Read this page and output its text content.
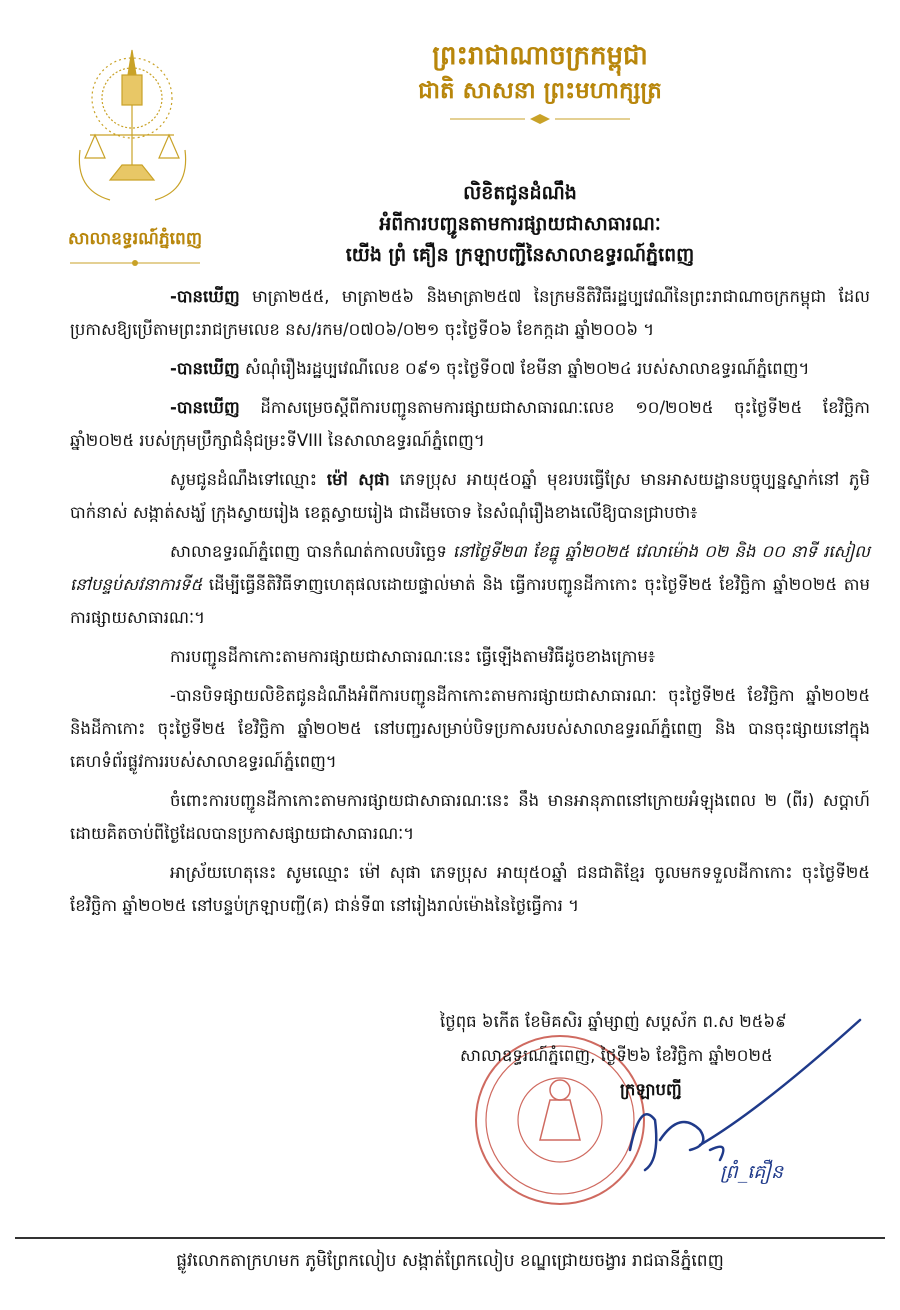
សាលាឧទ្ធរណ៍ភ្នំពេញ
ព្រះរាជាណាចក្រកម្ពុជា
ជាតិ សាសនា ព្រះមហាក្សត្រ
លិខិតជូនដំណឹង
អំពីការបញ្ជូនតាមការផ្សាយជាសាធារណៈ
យើង ព្រំ គឿន ក្រឡាបញ្ជីនៃសាលាឧទ្ធរណ៍ភ្នំពេញ

-បានឃើញ មាត្រា២៥៥, មាត្រា២៥៦ និងមាត្រា២៥៧ នៃក្រមនីតិវិធីរដ្ឋប្បវេណីនៃព្រះរាជាណាចក្រកម្ពុជា ដែលប្រកាសឱ្យប្រើតាមព្រះរាជក្រមលេខ នស/រកម/០៧០៦/០២១ ចុះថ្ងៃទី០៦ ខែកក្កដា ឆ្នាំ២០០៦ ។

-បានឃើញ សំណុំរឿងរដ្ឋប្បវេណីលេខ ០៩១ ចុះថ្ងៃទី០៧ ខែមីនា ឆ្នាំ២០២៤ របស់សាលាឧទ្ធរណ៍ភ្នំពេញ។

-បានឃើញ ដីកាសម្រេចស្តីពីការបញ្ជូនតាមការផ្សាយជាសាធារណៈលេខ ១០/២០២៥ ចុះថ្ងៃទី២៥ ខែវិច្ឆិកា ឆ្នាំ២០២៥ របស់ក្រុមប្រឹក្សាជំនុំជម្រះទីVIII នៃសាលាឧទ្ធរណ៍ភ្នំពេញ។

សូមជូនដំណឹងទៅឈ្មោះ ម៉ៅ សុផា ភេទប្រុស អាយុ៥០ឆ្នាំ មុខរបរធ្វើស្រែ មានអាសយដ្ឋានបច្ចុប្បន្នស្នាក់នៅ ភូមិបាក់នាស់ សង្កាត់សង្ឃ័ ក្រុងស្វាយរៀង ខេត្តស្វាយរៀង ជាដើមចោទ នៃសំណុំរឿងខាងលើឱ្យបានជ្រាបថា៖

សាលាឧទ្ធរណ៍ភ្នំពេញ បានកំណត់កាលបរិច្ឆេទ នៅថ្ងៃទី២៣ ខែធ្នូ ឆ្នាំ២០២៥ វេលាម៉ោង ០២ និង ០០ នាទី រសៀល នៅបន្ទប់សវនាការទី៥ ដើម្បីធ្វើនីតិវិធីទាញហេតុផលដោយផ្ទាល់មាត់ និង ធ្វើការបញ្ជូនដីកាកោះ ចុះថ្ងៃទី២៥ ខែវិច្ឆិកា ឆ្នាំ២០២៥ តាមការផ្សាយសាធារណៈ។

ការបញ្ជូនដីកាកោះតាមការផ្សាយជាសាធារណៈនេះ ធ្វើឡើងតាមវិធីដូចខាងក្រោម៖

-បានបិទផ្សាយលិខិតជូនដំណឹងអំពីការបញ្ជូនដីកាកោះតាមការផ្សាយជាសាធារណៈ ចុះថ្ងៃទី២៥ ខែវិច្ឆិកា ឆ្នាំ២០២៥ និងដីកាកោះ ចុះថ្ងៃទី២៥ ខែវិច្ឆិកា ឆ្នាំ២០២៥ នៅបញ្ជរសម្រាប់បិទប្រកាសរបស់សាលាឧទ្ធរណ៍ភ្នំពេញ និង បានចុះផ្សាយនៅក្នុងគេហទំព័រផ្លូវការរបស់សាលាឧទ្ធរណ៍ភ្នំពេញ។

ចំពោះការបញ្ជូនដីកាកោះតាមការផ្សាយជាសាធារណៈនេះ នឹង មានអានុភាពនៅក្រោយអំឡុងពេល ២ (ពីរ) សប្តាហ៍ ដោយគិតចាប់ពីថ្ងៃដែលបានប្រកាសផ្សាយជាសាធារណៈ។

អាស្រ័យហេតុនេះ សូមឈ្មោះ ម៉ៅ សុផា ភេទប្រុស អាយុ៥០ឆ្នាំ ជនជាតិខ្មែរ ចូលមកទទួលដីកាកោះ ចុះថ្ងៃទី២៥ ខែវិច្ឆិកា ឆ្នាំ២០២៥ នៅបន្ទប់ក្រឡាបញ្ជី(គ) ជាន់ទី៣ នៅរៀងរាល់ម៉ោងនៃថ្ងៃធ្វើការ ។

ថ្ងៃពុធ ៦កើត ខែមិគសិរ ឆ្នាំម្សាញ់ សប្តស័ក ព.ស ២៥៦៩
សាលាឧទ្ធរណ៍ភ្នំពេញ, ថ្ងៃទី២៦ ខែវិច្ឆិកា ឆ្នាំ២០២៥
ក្រឡាបញ្ជី
ព្រំ_គឿន
ផ្លូវលោកតាក្រហមក ភូមិព្រែកលៀប សង្កាត់ព្រែកលៀប ខណ្ឌជ្រោយចង្វារ រាជធានីភ្នំពេញ
